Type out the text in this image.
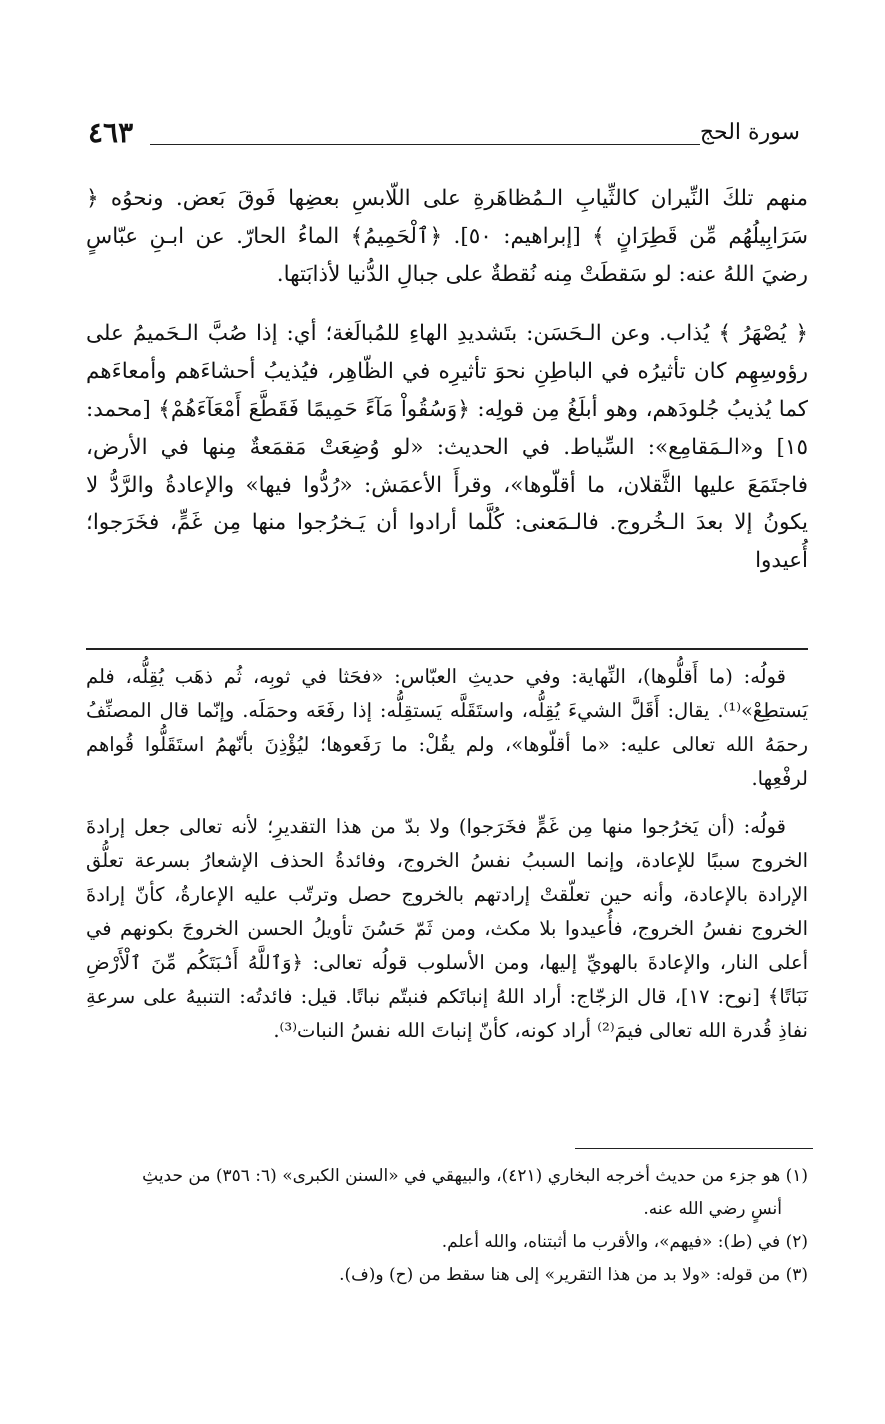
سورة الحج
٤٦٣

منهم تلكَ النِّيران كالثِّيابِ الـمُظاهَرةِ على اللّابسِ بعضِها فَوقَ بَعض. ونحوُه ﴿ سَرَابِيلُهُم مِّن قَطِرَانٍ ﴾ [إبراهيم: ٥٠]. ﴿ٱلْحَمِيمُ﴾ الماءُ الحارّ. عن ابـنِ عبّاسٍ رضيَ اللهُ عنه: لو سَقطَتْ مِنه نُقطةٌ على جبالِ الدُّنيا لأذابَتها.

﴿ يُصْهَرُ ﴾ يُذاب. وعن الـحَسَن: بتَشديدِ الهاءِ للمُبالَغة؛ أي: إذا صُبَّ الـحَميمُ على رؤوسِهِم كان تأثيرُه في الباطِنِ نحوَ تأثيرِه في الظّاهِر، فيُذيبُ أحشاءَهم وأمعاءَهم كما يُذيبُ جُلودَهم، وهو أبلَغُ مِن قولِه: ﴿وَسُقُواْ مَآءً حَمِيمًا فَقَطَّعَ أَمْعَآءَهُمْ﴾ [محمد: ١٥] و«الـمَقامِع»: السِّياط. في الحديث: «لو وُضِعَتْ مَقمَعةٌ مِنها في الأرض، فاجتَمَعَ عليها الثَّقلان، ما أقلّوها»، وقرأَ الأعمَش: «رُدُّوا فيها» والإعادةُ والرَّدُّ لا يكونُ إلا بعدَ الـخُروج. فالـمَعنى: كُلَّما أرادوا أن يَـخرُجوا منها مِن غَمٍّ، فخَرَجوا؛ أُعيدوا

قولُه: (ما أَقلُّوها)، النِّهاية: وفي حديثِ العبّاس: «فحَثا في ثوبِه، ثُم ذهَب يُقِلُّه، فلم يَستطِعْ»⁽¹⁾. يقال: أَقَلَّ الشيءَ يُقِلُّه، واستَقَلَّه يَستقِلُّه: إذا رفَعَه وحمَلَه. وإنّما قال المصنِّفُ رحمَهُ الله تعالى عليه: «ما أقلّوها»، ولم يقُلْ: ما رَفَعوها؛ ليُؤْذِنَ بأنّهمُ استَقَلُّوا قُواهم لرفْعِها.

قولُه: (أن يَخرُجوا منها مِن غَمٍّ فخَرَجوا) ولا بدّ من هذا التقديرِ؛ لأنه تعالى جعل إرادةَ الخروج سببًا للإعادة، وإنما السببُ نفسُ الخروج، وفائدةُ الحذف الإشعارُ بسرعة تعلُّق الإرادة بالإعادة، وأنه حين تعلّقتْ إرادتهم بالخروج حصل وترتّب عليه الإعارةُ، كأنّ إرادةَ الخروج نفسُ الخروج، فأُعيدوا بلا مكث، ومن ثَمّ حَسُنَ تأويلُ الحسن الخروجَ بكونهم في أعلى النار، والإعادةَ بالهويِّ إليها، ومن الأسلوب قولُه تعالى: ﴿وَٱللَّهُ أَنۢبَتَكُم مِّنَ ٱلْأَرْضِ نَبَاتًا﴾ [نوح: ١٧]، قال الزجّاج: أراد اللهُ إنباتَكم فنبتّم نباتًا. قيل: فائدتُه: التنبيهُ على سرعةِ نفاذِ قُدرة الله تعالى فيمَ⁽²⁾ أراد كونه، كأنّ إنباتَ الله نفسُ النبات⁽³⁾.

(١) هو جزء من حديث أخرجه البخاري (٤٢١)، والبيهقي في «السنن الكبرى» (٦: ٣٥٦) من حديثِ

أنسٍ رضي الله عنه.

(٢) في (ط): «فيهم»، والأقرب ما أثبتناه، والله أعلم.

(٣) من قوله: «ولا بد من هذا التقرير» إلى هنا سقط من (ح) و(ف).
